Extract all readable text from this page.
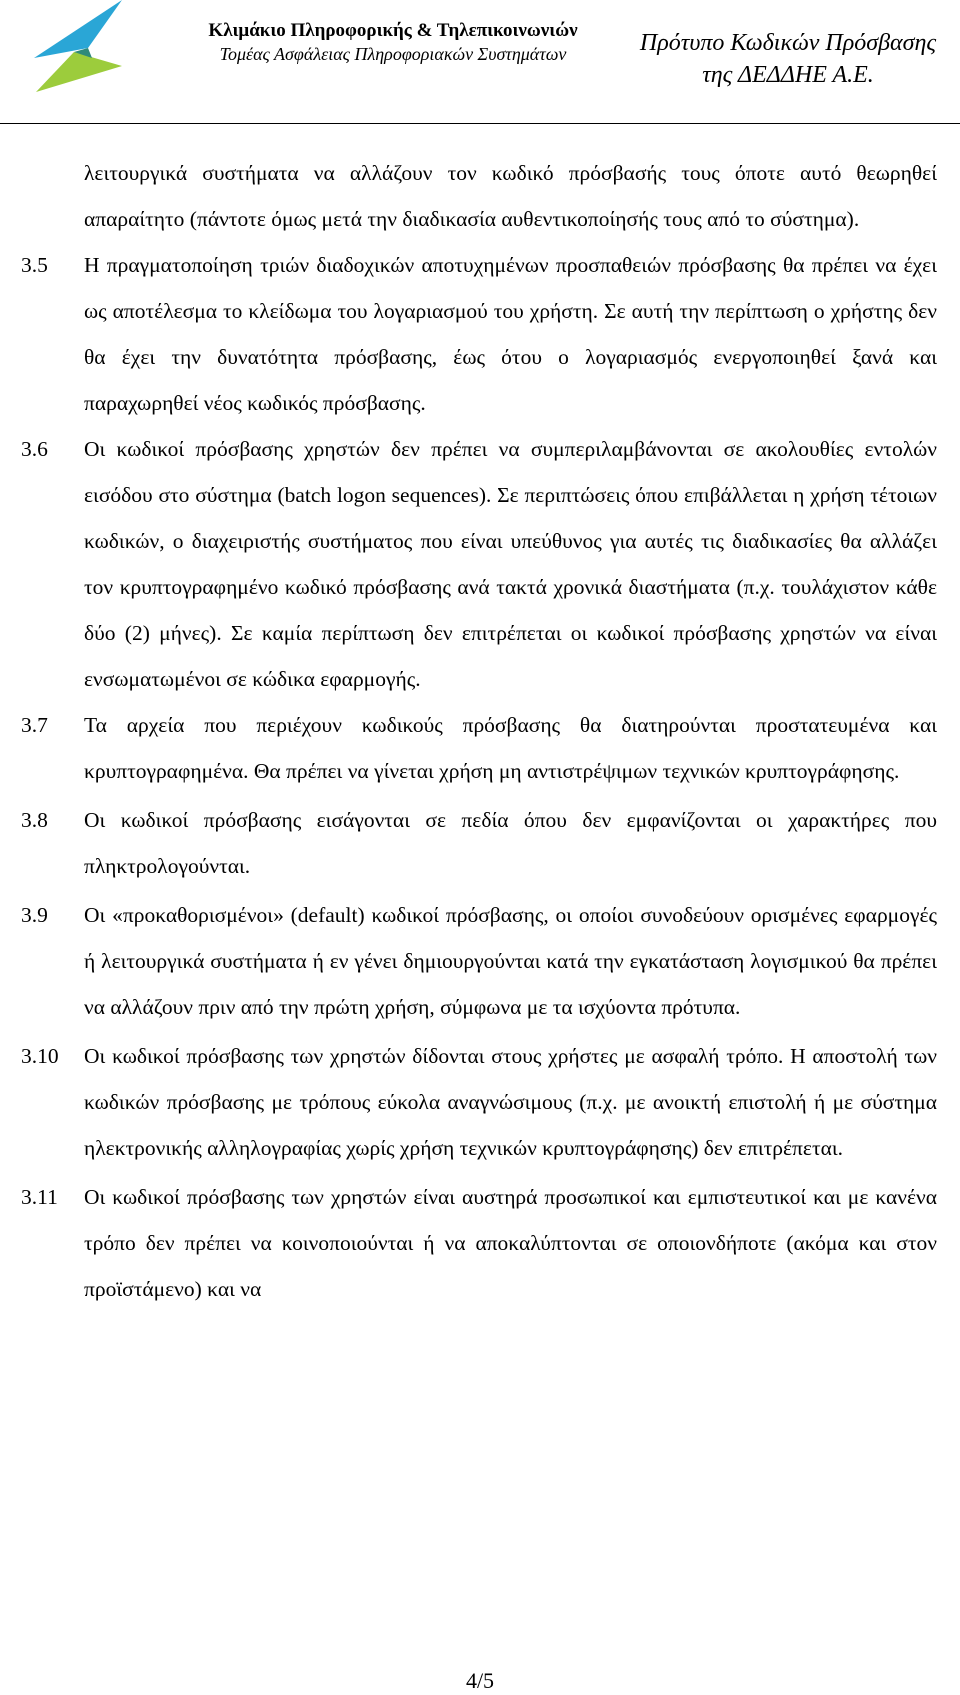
Κλιμάκιο Πληροφορικής & Τηλεπικοινωνιών
Τομέας Ασφάλειας Πληροφοριακών Συστημάτων	Πρότυπο Κωδικών Πρόσβασης
της ΔΕΔΔΗΕ Α.Ε.
λειτουργικά συστήματα να αλλάζουν τον κωδικό πρόσβασής τους όποτε αυτό θεωρηθεί απαραίτητο (πάντοτε όμως μετά την διαδικασία αυθεντικοποίησής τους από το σύστημα).
3.5 Η πραγματοποίηση τριών διαδοχικών αποτυχημένων προσπαθειών πρόσβασης θα πρέπει να έχει ως αποτέλεσμα το κλείδωμα του λογαριασμού του χρήστη. Σε αυτή την περίπτωση ο χρήστης δεν θα έχει την δυνατότητα πρόσβασης, έως ότου ο λογαριασμός ενεργοποιηθεί ξανά και παραχωρηθεί νέος κωδικός πρόσβασης.
3.6 Οι κωδικοί πρόσβασης χρηστών δεν πρέπει να συμπεριλαμβάνονται σε ακολουθίες εντολών εισόδου στο σύστημα (batch logon sequences). Σε περιπτώσεις όπου επιβάλλεται η χρήση τέτοιων κωδικών, ο διαχειριστής συστήματος που είναι υπεύθυνος για αυτές τις διαδικασίες θα αλλάζει τον κρυπτογραφημένο κωδικό πρόσβασης ανά τακτά χρονικά διαστήματα (π.χ. τουλάχιστον κάθε δύο (2) μήνες). Σε καμία περίπτωση δεν επιτρέπεται οι κωδικοί πρόσβασης χρηστών να είναι ενσωματωμένοι σε κώδικα εφαρμογής.
3.7 Τα αρχεία που περιέχουν κωδικούς πρόσβασης θα διατηρούνται προστατευμένα και κρυπτογραφημένα. Θα πρέπει να γίνεται χρήση μη αντιστρέψιμων τεχνικών κρυπτογράφησης.
3.8 Οι κωδικοί πρόσβασης εισάγονται σε πεδία όπου δεν εμφανίζονται οι χαρακτήρες που πληκτρολογούνται.
3.9 Οι «προκαθορισμένοι» (default) κωδικοί πρόσβασης, οι οποίοι συνοδεύουν ορισμένες εφαρμογές ή λειτουργικά συστήματα ή εν γένει δημιουργούνται κατά την εγκατάσταση λογισμικού θα πρέπει να αλλάζουν πριν από την πρώτη χρήση, σύμφωνα με τα ισχύοντα πρότυπα.
3.10 Οι κωδικοί πρόσβασης των χρηστών δίδονται στους χρήστες με ασφαλή τρόπο. Η αποστολή των κωδικών πρόσβασης με τρόπους εύκολα αναγνώσιμους (π.χ. με ανοικτή επιστολή ή με σύστημα ηλεκτρονικής αλληλογραφίας χωρίς χρήση τεχνικών κρυπτογράφησης) δεν επιτρέπεται.
3.11 Οι κωδικοί πρόσβασης των χρηστών είναι αυστηρά προσωπικοί και εμπιστευτικοί και με κανένα τρόπο δεν πρέπει να κοινοποιούνται ή να αποκαλύπτονται σε οποιονδήποτε (ακόμα και στον προϊστάμενο) και να
4/5
